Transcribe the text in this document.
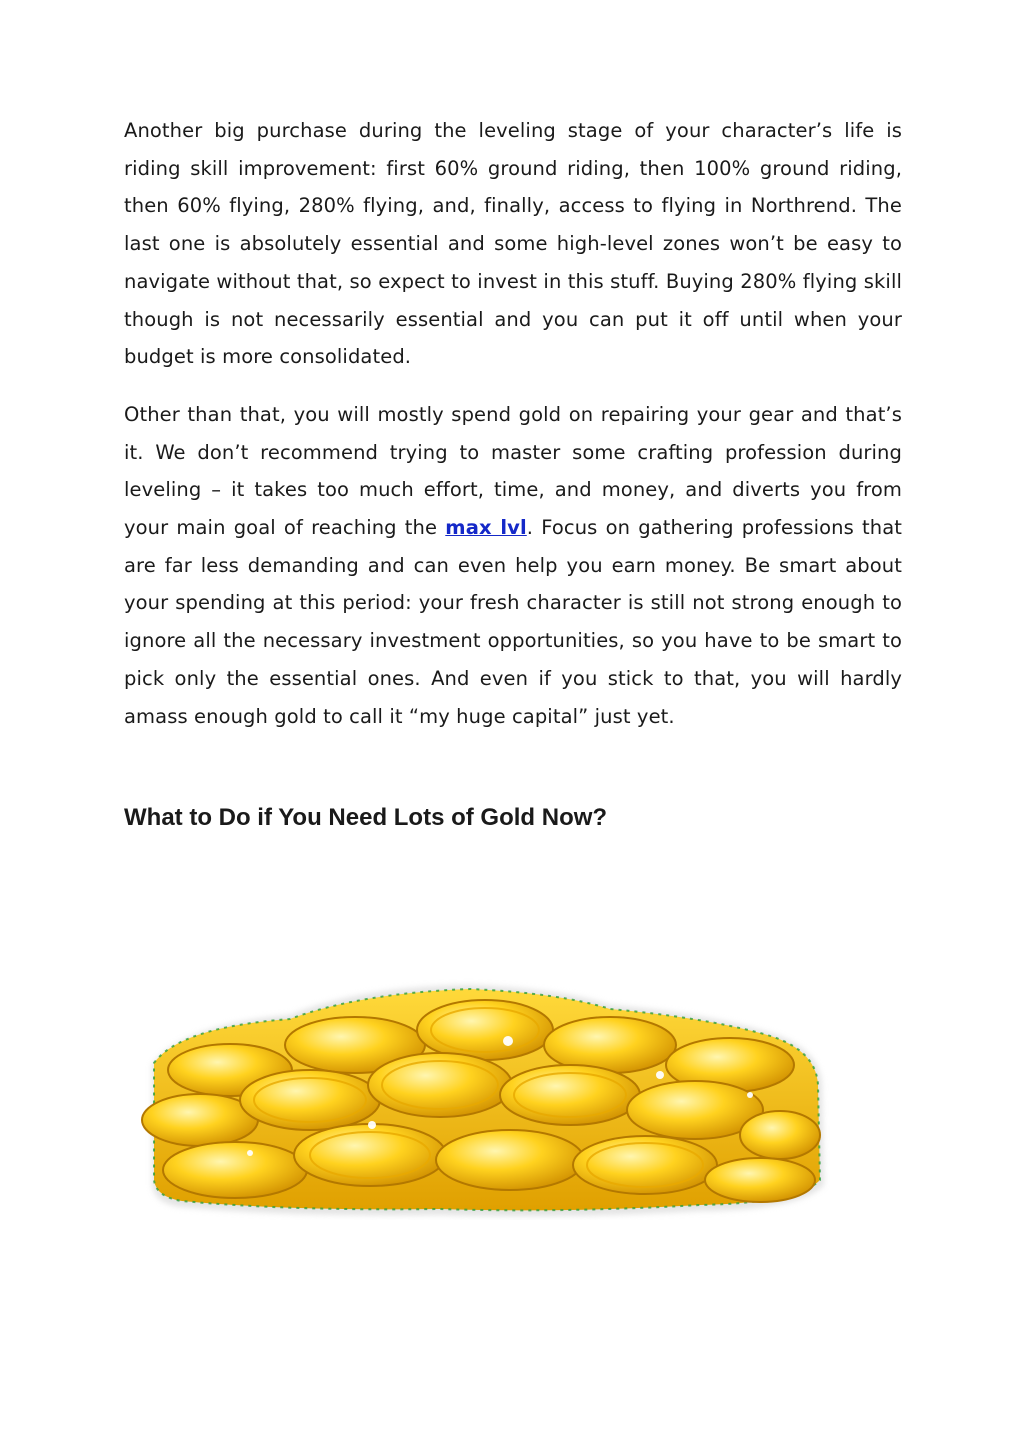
Another big purchase during the leveling stage of your character’s life is riding skill improvement: first 60% ground riding, then 100% ground riding, then 60% flying, 280% flying, and, finally, access to flying in Northrend. The last one is absolutely essential and some high-level zones won’t be easy to navigate without that, so expect to invest in this stuff. Buying 280% flying skill though is not necessarily essential and you can put it off until when your budget is more consolidated.

Other than that, you will mostly spend gold on repairing your gear and that’s it. We don’t recommend trying to master some crafting profession during leveling – it takes too much effort, time, and money, and diverts you from your main goal of reaching the max lvl. Focus on gathering professions that are far less demanding and can even help you earn money. Be smart about your spending at this period: your fresh character is still not strong enough to ignore all the necessary investment opportunities, so you have to be smart to pick only the essential ones. And even if you stick to that, you will hardly amass enough gold to call it “my huge capital” just yet.

What to Do if You Need Lots of Gold Now?
